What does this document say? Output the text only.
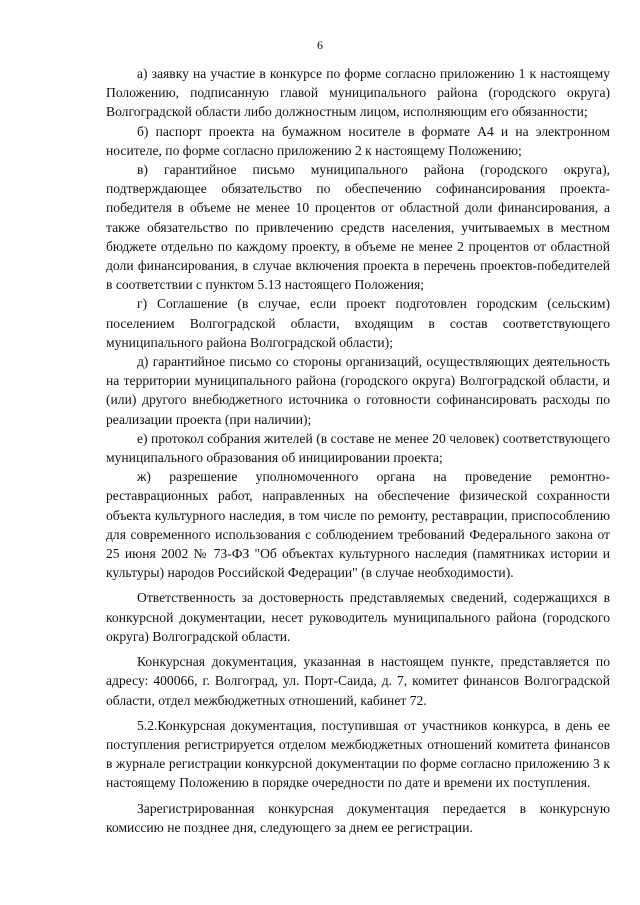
6

а) заявку на участие в конкурсе по форме согласно приложению 1 к настоящему Положению, подписанную главой муниципального района (городского округа) Волгоградской области либо должностным лицом, исполняющим его обязанности;

б) паспорт проекта на бумажном носителе в формате А4 и на электронном носителе, по форме согласно приложению 2 к настоящему Положению;

в) гарантийное письмо муниципального района (городского округа), подтверждающее обязательство по обеспечению софинансирования проекта-победителя в объеме не менее 10 процентов от областной доли финансирования, а также обязательство по привлечению средств населения, учитываемых в местном бюджете отдельно по каждому проекту, в объеме не менее 2 процентов от областной доли финансирования, в случае включения проекта в перечень проектов-победителей в соответствии с пунктом 5.13 настоящего Положения;

г) Соглашение (в случае, если проект подготовлен городским (сельским) поселением Волгоградской области, входящим в состав соответствующего муниципального района Волгоградской области);

д) гарантийное письмо со стороны организаций, осуществляющих деятельность на территории муниципального района (городского округа) Волгоградской области, и (или) другого внебюджетного источника о готовности софинансировать расходы по реализации проекта (при наличии);

е) протокол собрания жителей (в составе не менее 20 человек) соответствующего муниципального образования об инициировании проекта;

ж) разрешение уполномоченного органа на проведение ремонтно-реставрационных работ, направленных на обеспечение физической сохранности объекта культурного наследия, в том числе по ремонту, реставрации, приспособлению для современного использования с соблюдением требований Федерального закона от 25 июня 2002 № 73-ФЗ "Об объектах культурного наследия (памятниках истории и культуры) народов Российской Федерации" (в случае необходимости).

Ответственность за достоверность представляемых сведений, содержащихся в конкурсной документации, несет руководитель муниципального района (городского округа) Волгоградской области.

Конкурсная документация, указанная в настоящем пункте, представляется по адресу: 400066, г. Волгоград, ул. Порт-Саида, д. 7, комитет финансов Волгоградской области, отдел межбюджетных отношений, кабинет 72.

5.2.Конкурсная документация, поступившая от участников конкурса, в день ее поступления регистрируется отделом межбюджетных отношений комитета финансов в журнале регистрации конкурсной документации по форме согласно приложению 3 к настоящему Положению в порядке очередности по дате и времени их поступления.

Зарегистрированная конкурсная документация передается в конкурсную комиссию не позднее дня, следующего за днем ее регистрации.
